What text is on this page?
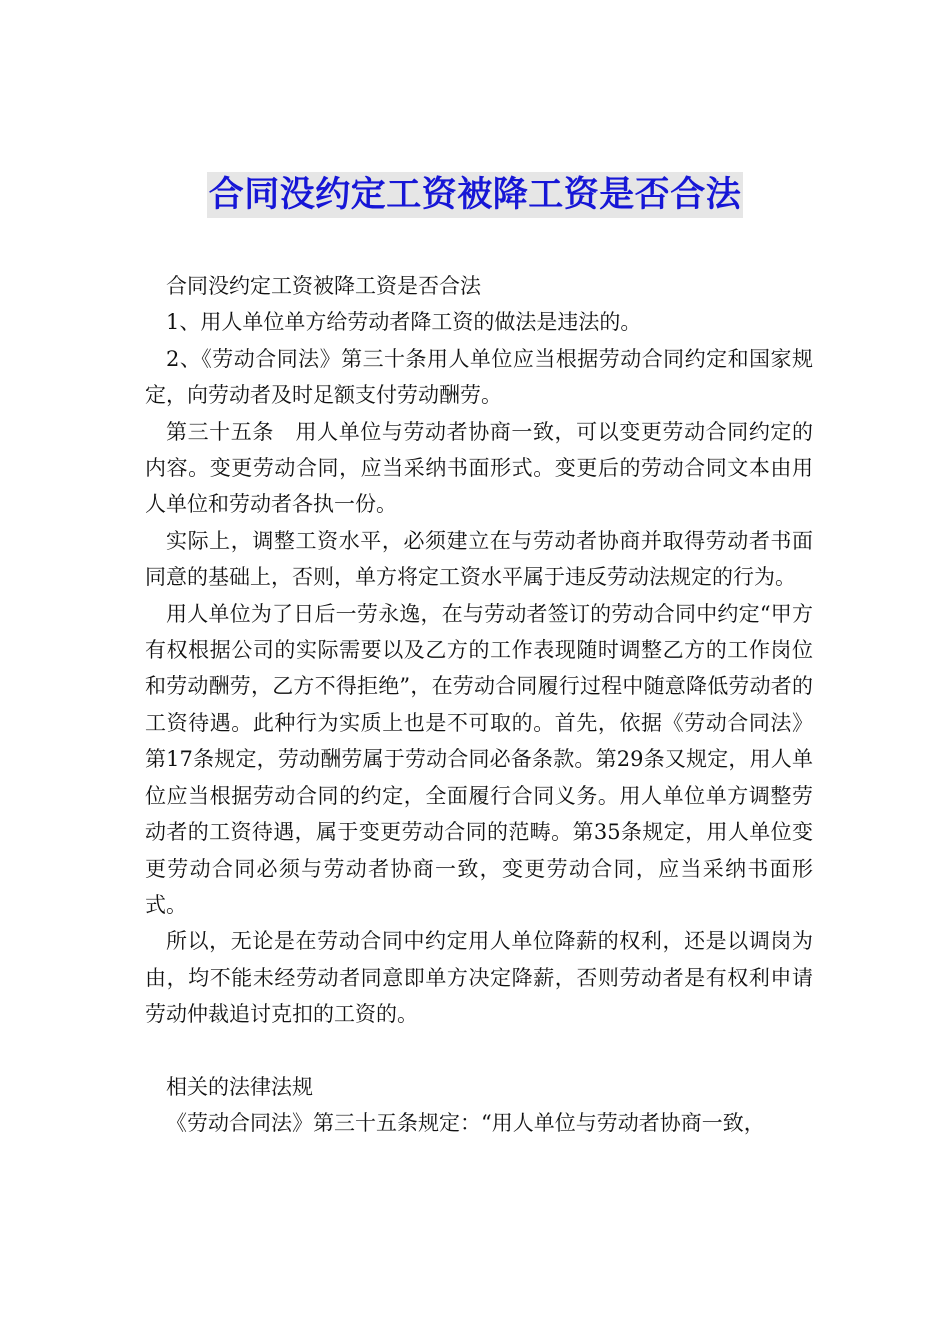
合同没约定工资被降工资是否合法

合同没约定工资被降工资是否合法

1、用人单位单方给劳动者降工资的做法是违法的。

2、《劳动合同法》第三十条用人单位应当根据劳动合同约定和国家规定，向劳动者及时足额支付劳动酬劳。

第三十五条　用人单位与劳动者协商一致，可以变更劳动合同约定的内容。变更劳动合同，应当采纳书面形式。变更后的劳动合同文本由用人单位和劳动者各执一份。

实际上，调整工资水平，必须建立在与劳动者协商并取得劳动者书面同意的基础上，否则，单方将定工资水平属于违反劳动法规定的行为。

用人单位为了日后一劳永逸，在与劳动者签订的劳动合同中约定“甲方有权根据公司的实际需要以及乙方的工作表现随时调整乙方的工作岗位和劳动酬劳，乙方不得拒绝”，在劳动合同履行过程中随意降低劳动者的工资待遇。此种行为实质上也是不可取的。首先，依据《劳动合同法》第17条规定，劳动酬劳属于劳动合同必备条款。第29条又规定，用人单位应当根据劳动合同的约定，全面履行合同义务。用人单位单方调整劳动者的工资待遇，属于变更劳动合同的范畴。第35条规定，用人单位变更劳动合同必须与劳动者协商一致，变更劳动合同，应当采纳书面形式。

所以，无论是在劳动合同中约定用人单位降薪的权利，还是以调岗为由，均不能未经劳动者同意即单方决定降薪，否则劳动者是有权利申请劳动仲裁追讨克扣的工资的。

相关的法律法规

《劳动合同法》第三十五条规定：“用人单位与劳动者协商一致，
